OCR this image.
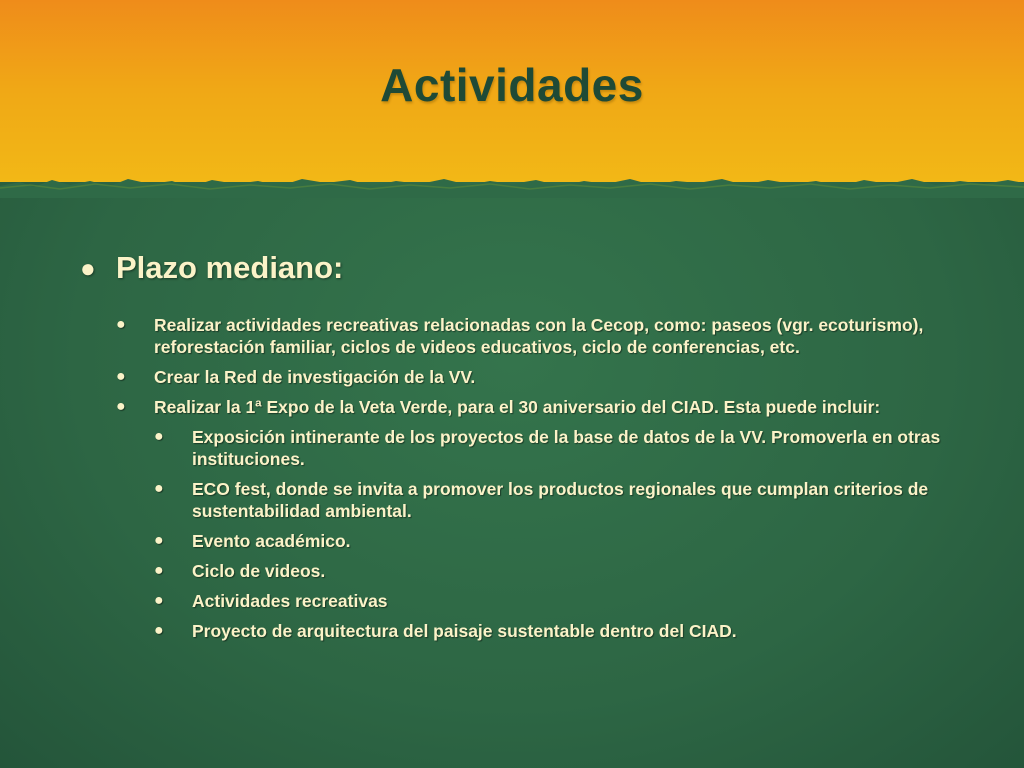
Actividades
● Plazo mediano:
●	Realizar actividades recreativas relacionadas con la Cecop, como: paseos (vgr. ecoturismo), reforestación familiar, ciclos de videos educativos, ciclo de conferencias, etc.
●	Crear la Red de investigación de la VV.
●	Realizar la 1ª Expo de la Veta Verde, para el 30 aniversario del CIAD. Esta puede incluir:
●	Exposición intinerante de los proyectos de la base de datos de la VV. Promoverla en otras instituciones.
●	ECO fest, donde se invita a promover los productos regionales que cumplan criterios de sustentabilidad ambiental.
●	Evento académico.
●	Ciclo de videos.
●	Actividades recreativas
●	Proyecto de arquitectura del paisaje sustentable dentro del CIAD.
